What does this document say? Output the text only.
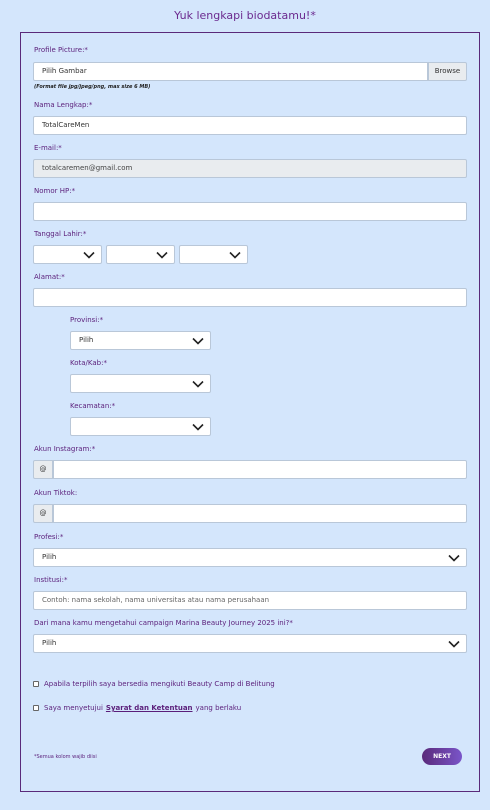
Yuk lengkapi biodatamu!*
Profile Picture:*
Pilih Gambar	Browse
(Format file jpg/jpeg/png, max size 6 MB)
Nama Lengkap:*
TotalCareMen
E-mail:*
totalcaremen@gmail.com
Nomor HP:*
Tanggal Lahir:*
Alamat:*
Provinsi:*
Pilih
Kota/Kab:*
Kecamatan:*
Akun Instagram:*
@
Akun Tiktok:
@
Profesi:*
Pilih
Institusi:*
Contoh: nama sekolah, nama universitas atau nama perusahaan
Dari mana kamu mengetahui campaign Marina Beauty Journey 2025 ini?*
Pilih
Apabila terpilih saya bersedia mengikuti Beauty Camp di Belitung
Saya menyetujui Syarat dan Ketentuan yang berlaku
*Semua kolom wajib diisi	NEXT
